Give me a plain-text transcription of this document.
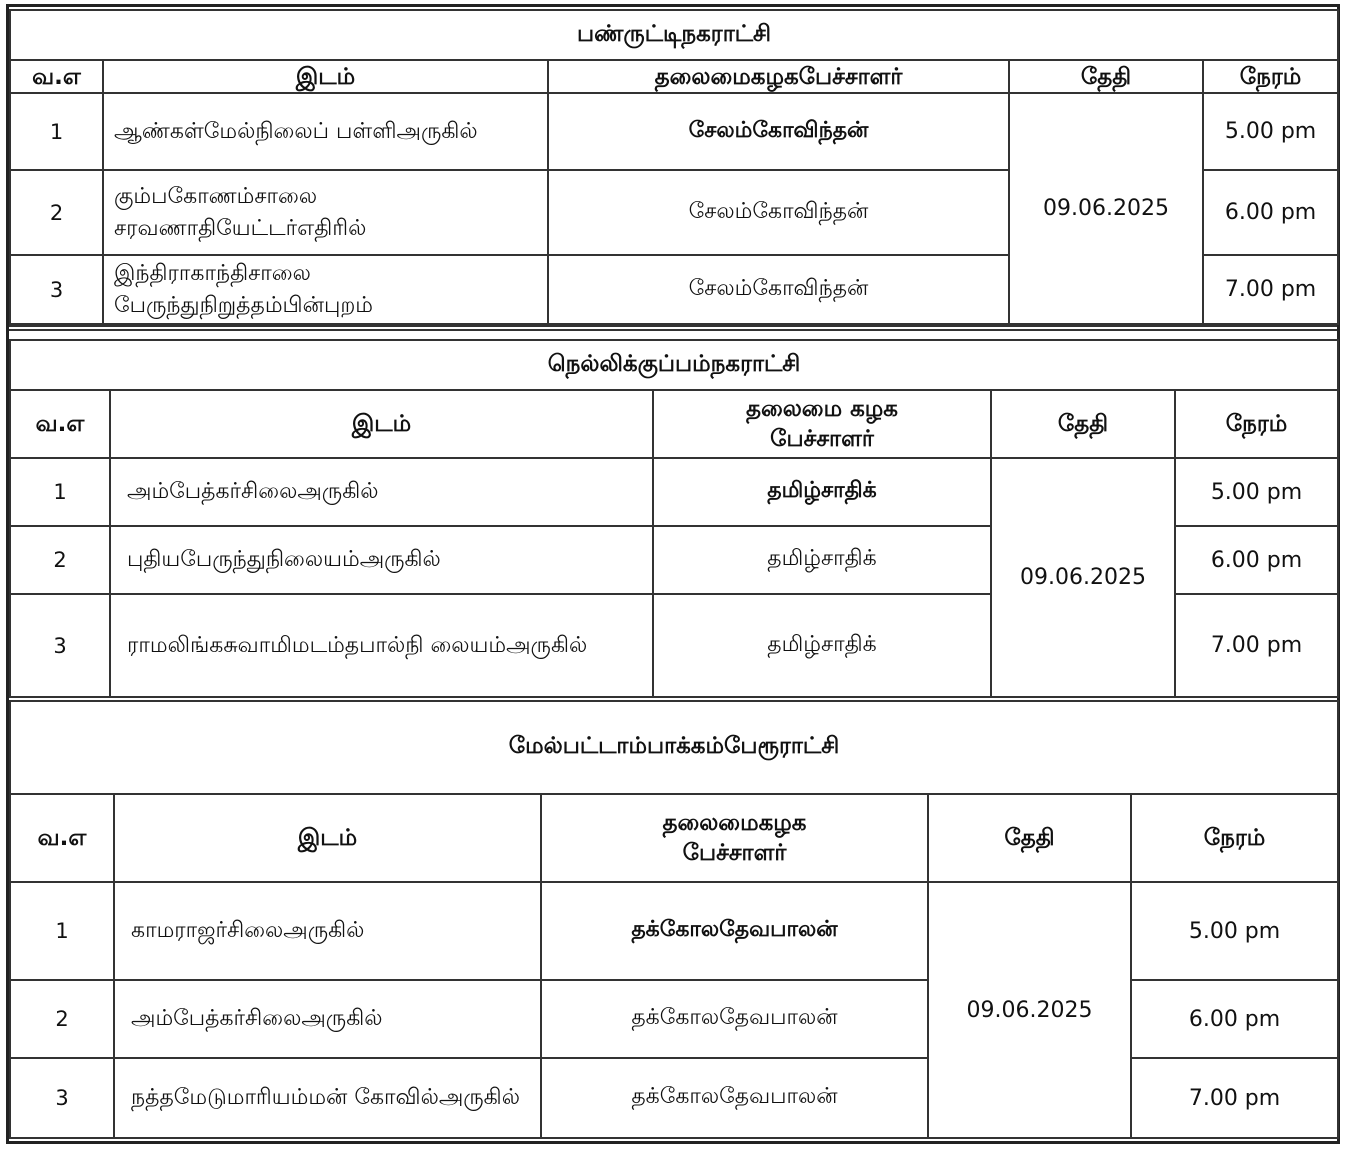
பண்ருட்டிநகராட்சி				
வ.எ	இடம்	தலைமைகழகபேச்சாளர்	தேதி	நேரம்
1	ஆண்கள்மேல்நிலைப் பள்ளிஅருகில்	சேலம்கோவிந்தன்	09.06.2025	5.00 pm
2	கும்பகோணம்சாலை சரவணாதியேட்டர்எதிரில்	சேலம்கோவிந்தன்		6.00 pm
3	இந்திராகாந்திசாலை பேருந்துநிறுத்தம்பின்புறம்	சேலம்கோவிந்தன்		7.00 pm
நெல்லிக்குப்பம்நகராட்சி				
வ.எ	இடம்	தலைமை கழக பேச்சாளர்	தேதி	நேரம்
1	அம்பேத்கர்சிலைஅருகில்	தமிழ்சாதிக்	09.06.2025	5.00 pm
2	புதியபேருந்துநிலையம்அருகில்	தமிழ்சாதிக்		6.00 pm
3	ராமலிங்கசுவாமிமடம்தபால்நி லையம்அருகில்	தமிழ்சாதிக்		7.00 pm
மேல்பட்டாம்பாக்கம்பேரூராட்சி				
வ.எ	இடம்	தலைமைகழக பேச்சாளர்	தேதி	நேரம்
1	காமராஜர்சிலைஅருகில்	தக்கோலதேவபாலன்	09.06.2025	5.00 pm
2	அம்பேத்கர்சிலைஅருகில்	தக்கோலதேவபாலன்		6.00 pm
3	நத்தமேடுமாரியம்மன் கோவில்அருகில்	தக்கோலதேவபாலன்		7.00 pm
